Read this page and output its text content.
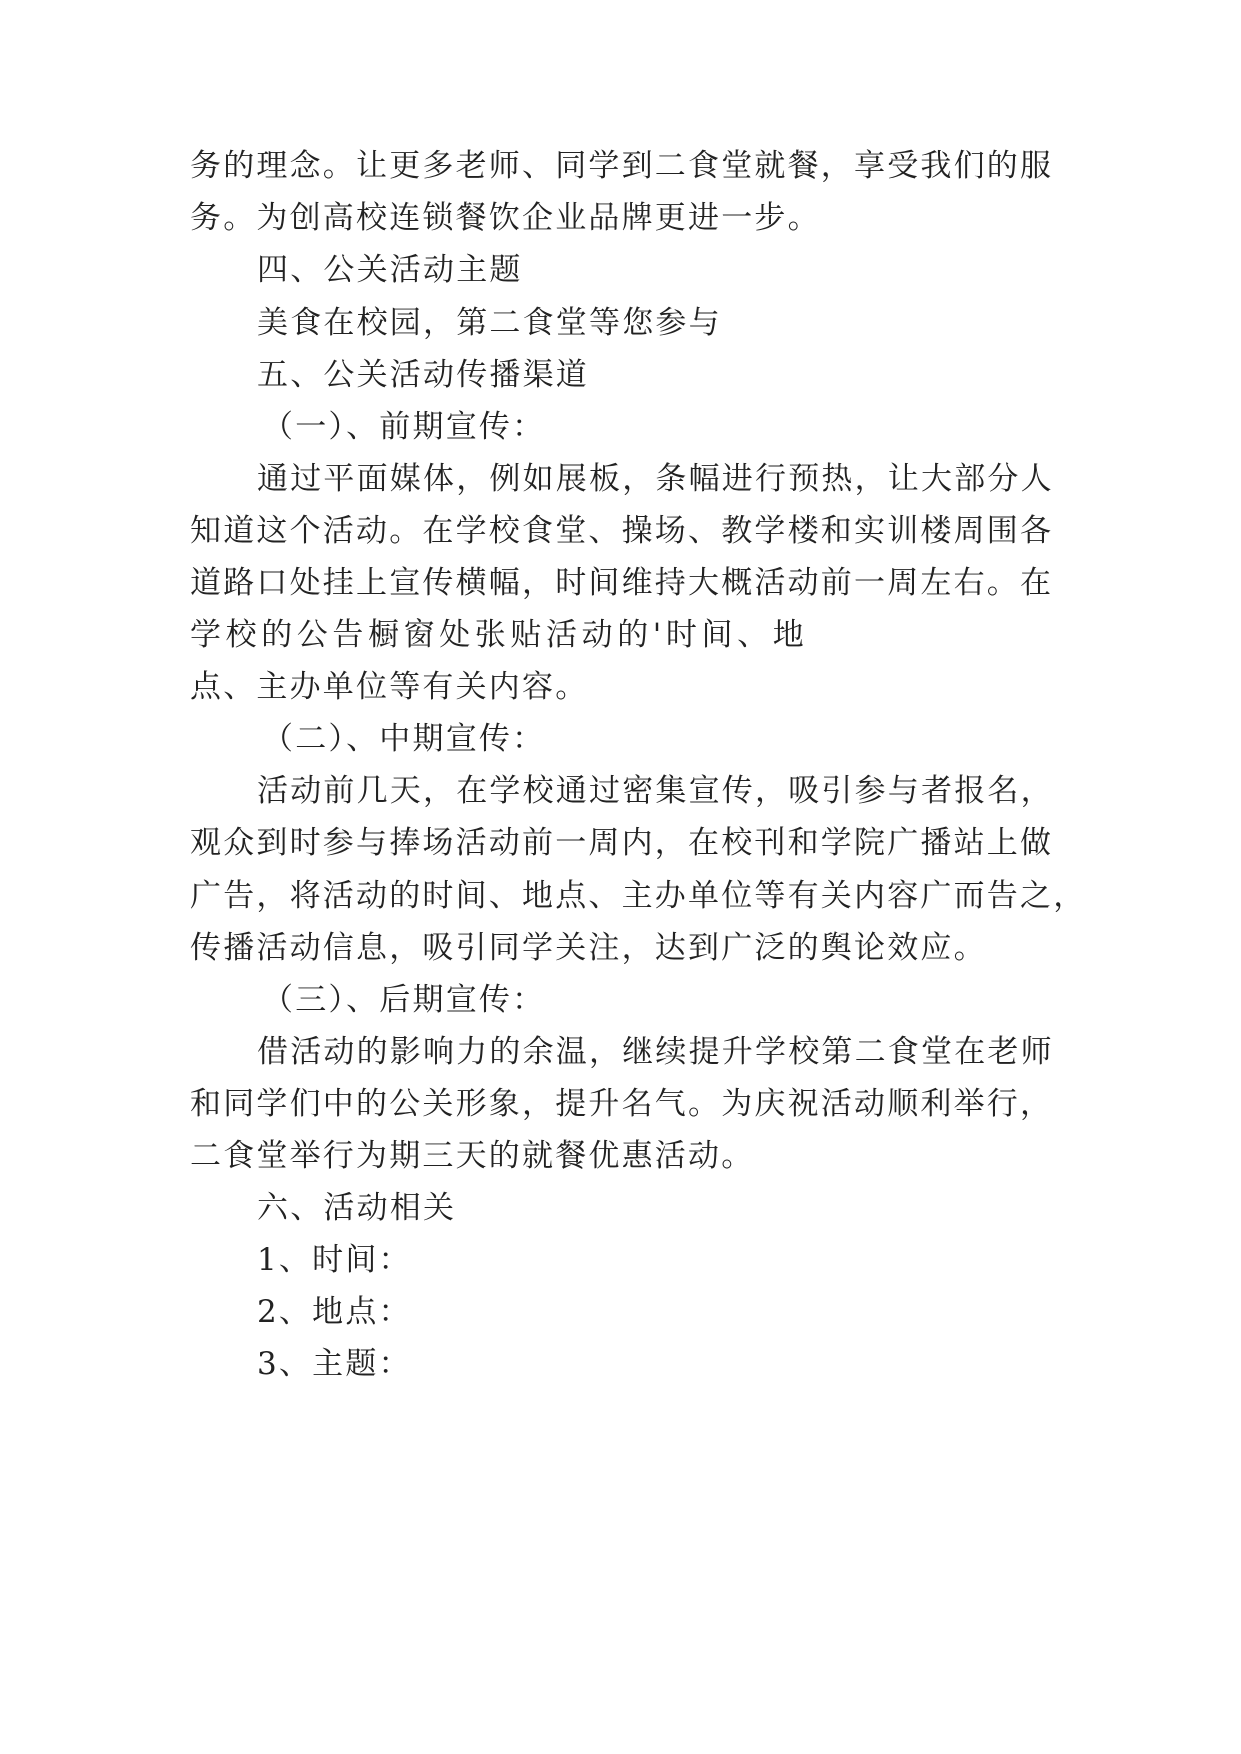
务的理念。让更多老师、同学到二食堂就餐，享受我们的服
务。为创高校连锁餐饮企业品牌更进一步。
四、公关活动主题
美食在校园，第二食堂等您参与
五、公关活动传播渠道
（一）、前期宣传：
通过平面媒体，例如展板，条幅进行预热，让大部分人
知道这个活动。在学校食堂、操场、教学楼和实训楼周围各
道路口处挂上宣传横幅，时间维持大概活动前一周左右。在
学校的公告橱窗处张贴活动的'时间、地
点、主办单位等有关内容。
（二）、中期宣传：
活动前几天，在学校通过密集宣传，吸引参与者报名，
观众到时参与捧场活动前一周内，在校刊和学院广播站上做
广告，将活动的时间、地点、主办单位等有关内容广而告之，
传播活动信息，吸引同学关注，达到广泛的舆论效应。
（三）、后期宣传：
借活动的影响力的余温，继续提升学校第二食堂在老师
和同学们中的公关形象，提升名气。为庆祝活动顺利举行，
二食堂举行为期三天的就餐优惠活动。
六、活动相关
1、时间：
2、地点：
3、主题：
